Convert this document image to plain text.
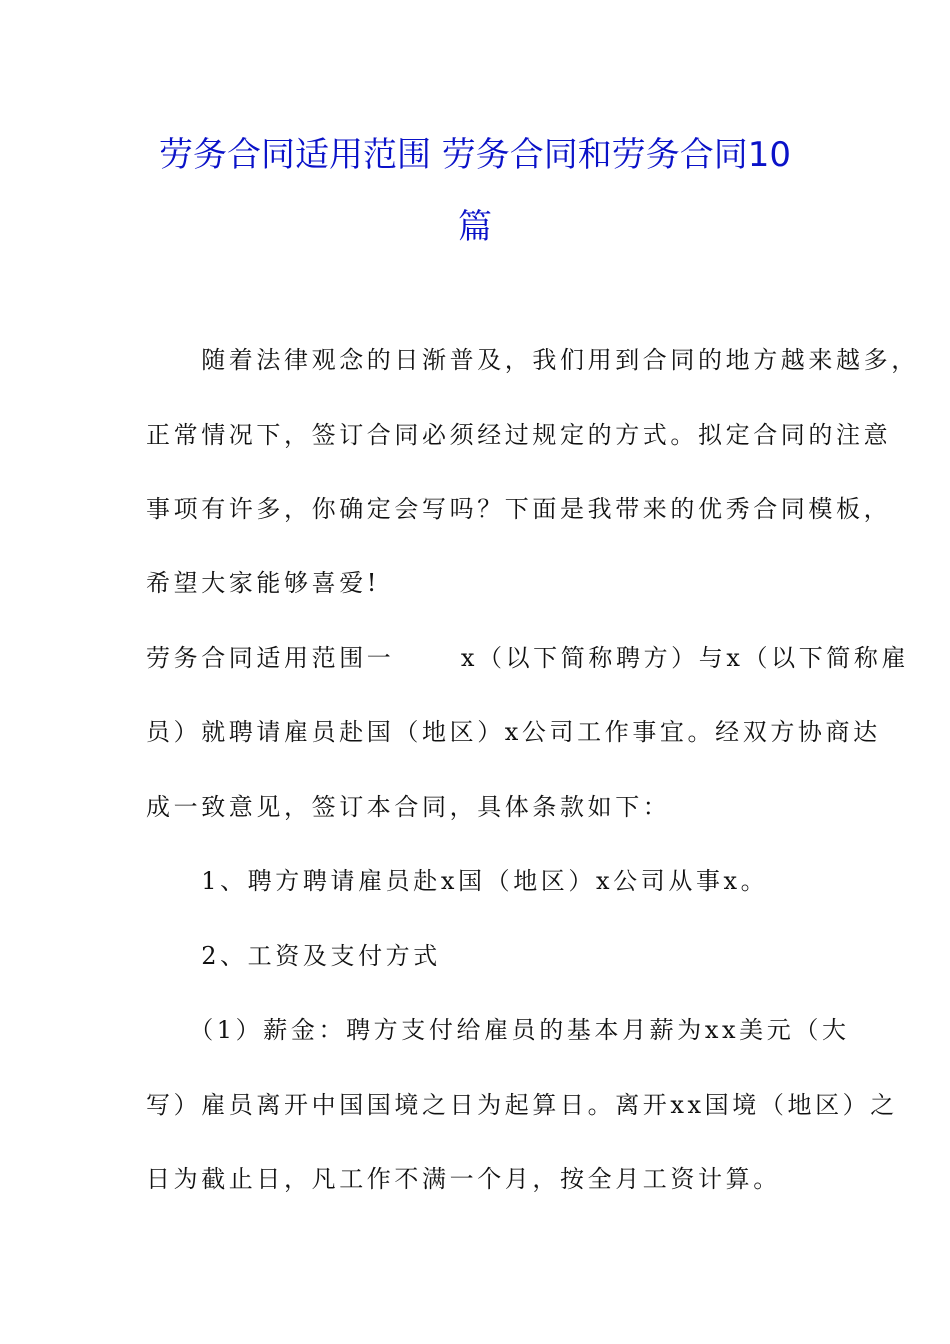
劳务合同适用范围 劳务合同和劳务合同10
篇
　　随着法律观念的日渐普及，我们用到合同的地方越来越多，
正常情况下，签订合同必须经过规定的方式。拟定合同的注意
事项有许多，你确定会写吗？下面是我带来的优秀合同模板，
希望大家能够喜爱!
劳务合同适用范围一　　 x（以下简称聘方）与x（以下简称雇
员）就聘请雇员赴国（地区）x公司工作事宜。经双方协商达
成一致意见，签订本合同，具体条款如下：
　　1、聘方聘请雇员赴x国（地区）x公司从事x。
　　2、工资及支付方式
　　（1）薪金：聘方支付给雇员的基本月薪为xx美元（大
写）雇员离开中国国境之日为起算日。离开xx国境（地区）之
日为截止日，凡工作不满一个月，按全月工资计算。
